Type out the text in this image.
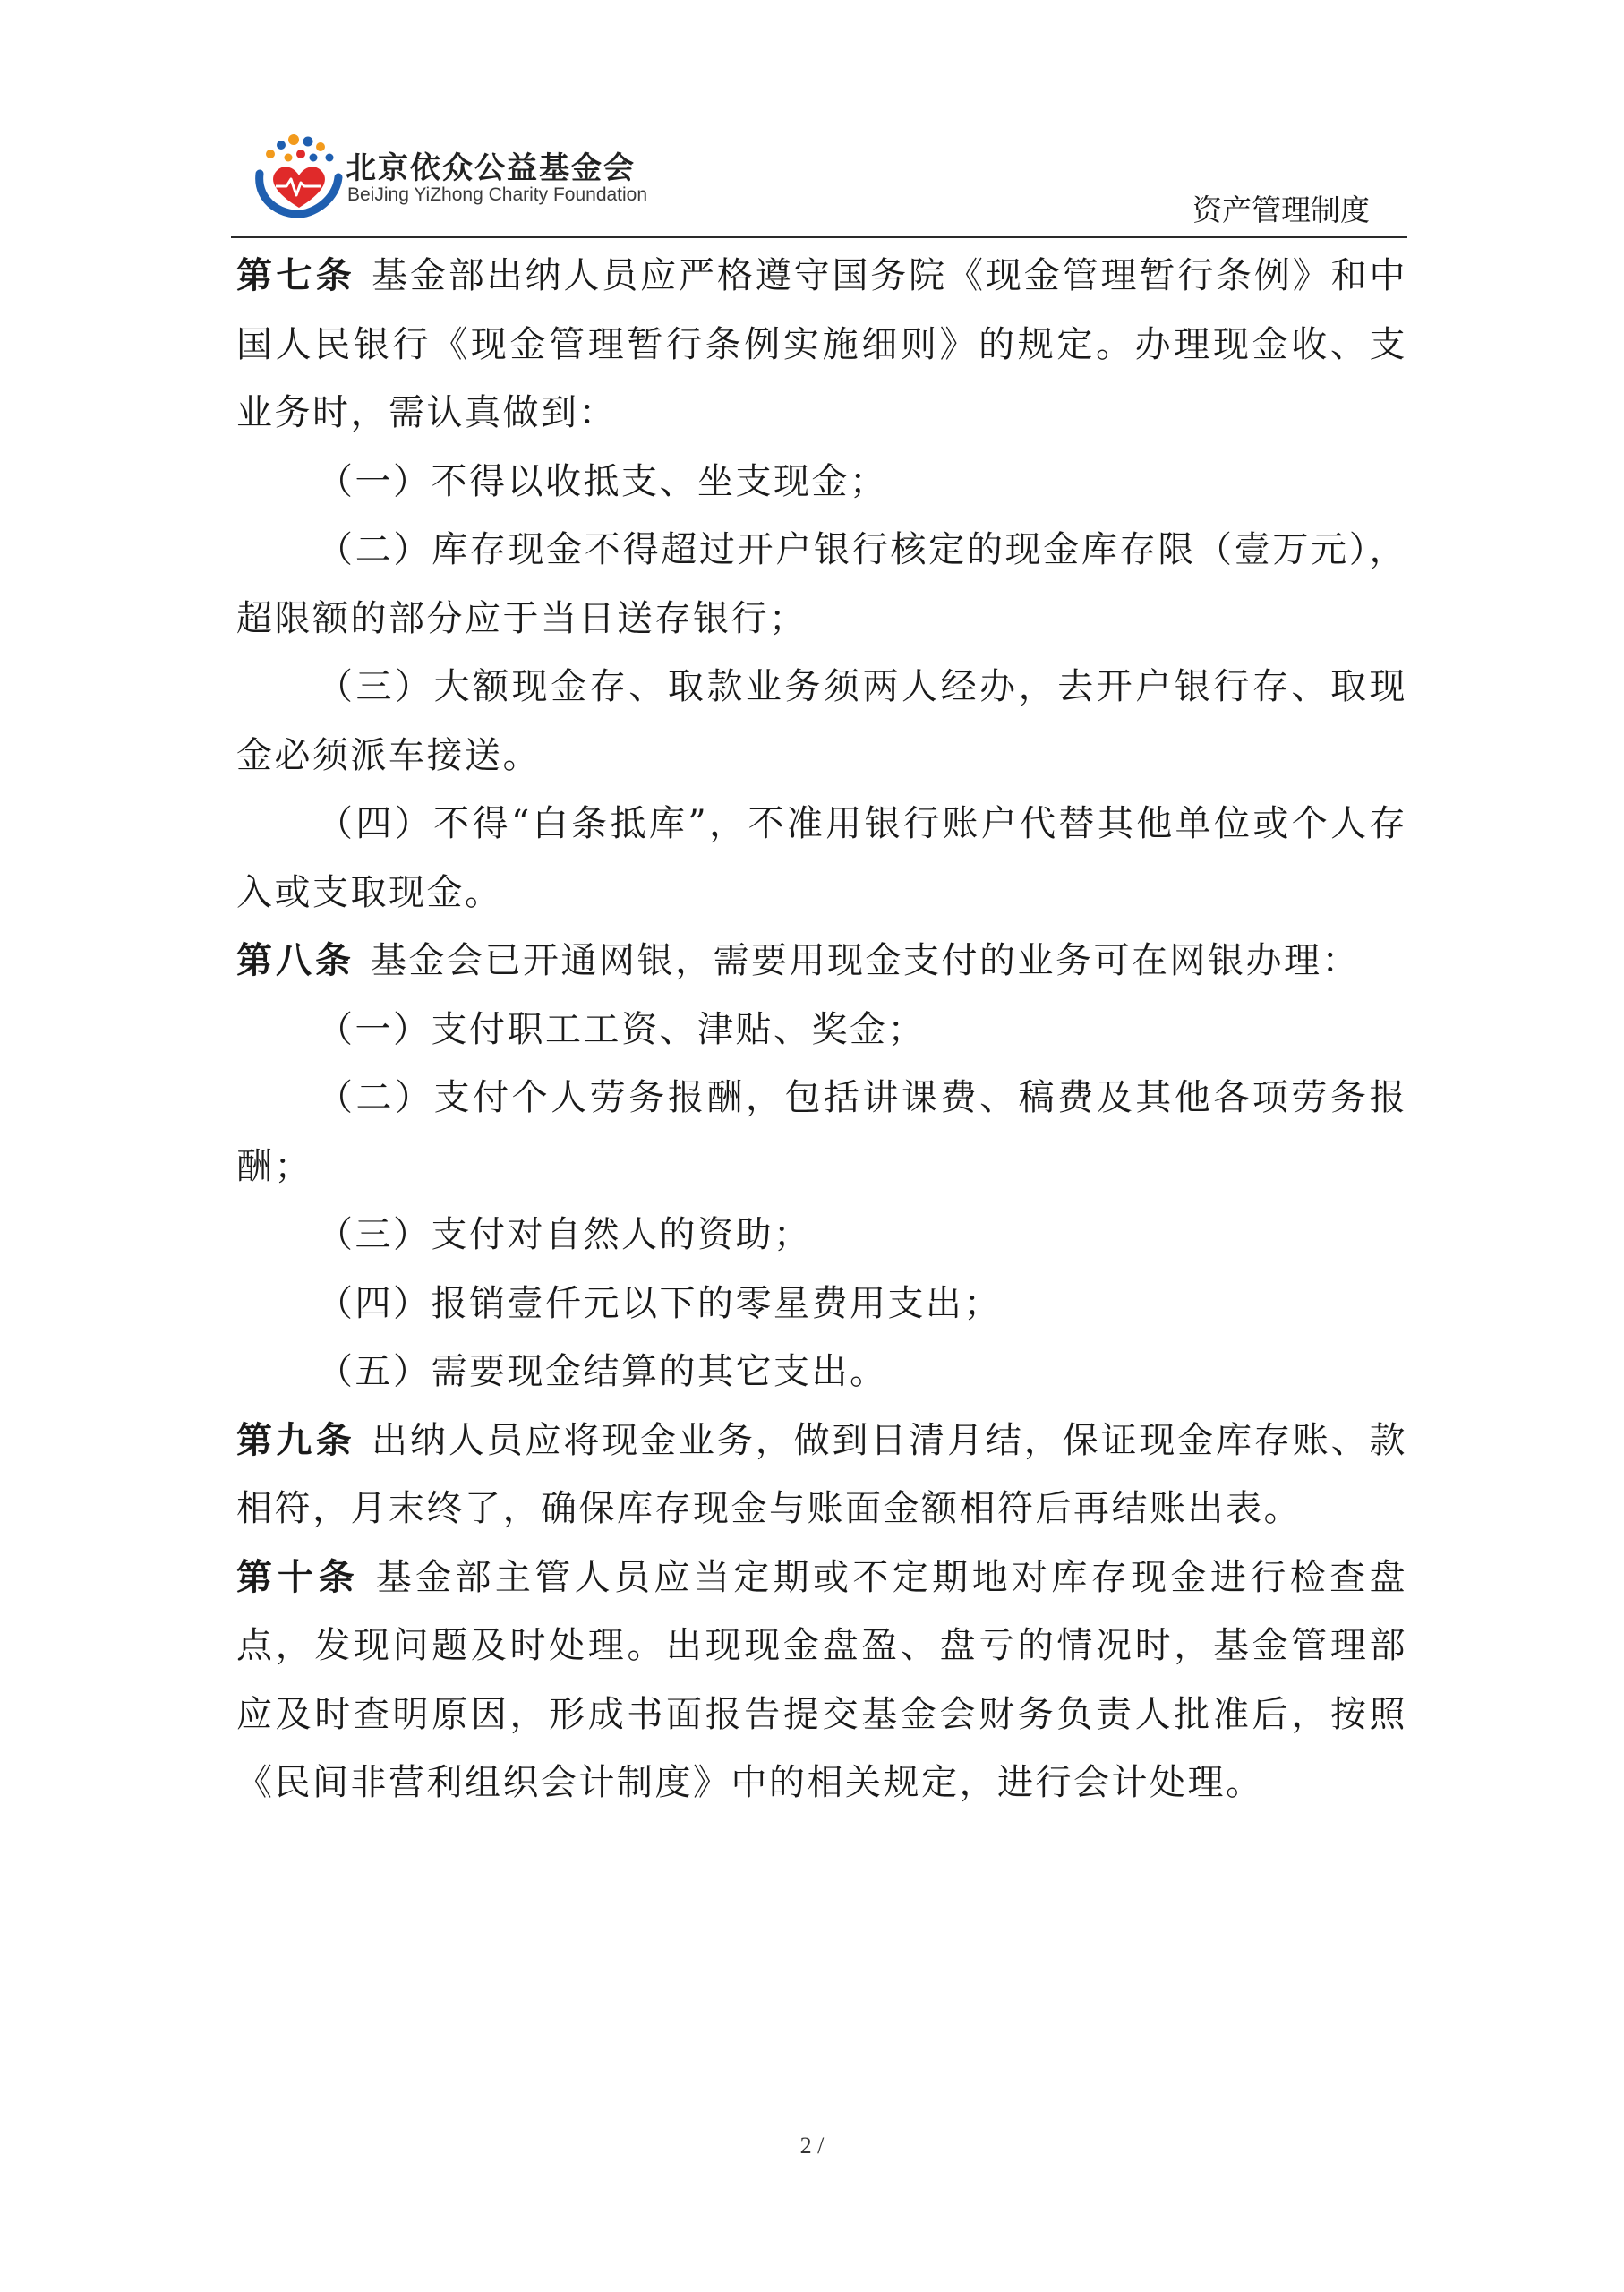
北京依众公益基金会
BeiJing YiZhong Charity Foundation	资产管理制度

第七条 基金部出纳人员应严格遵守国务院《现金管理暂行条例》和中国人民银行《现金管理暂行条例实施细则》的规定。办理现金收、支业务时，需认真做到：

（一）不得以收抵支、坐支现金；

（二）库存现金不得超过开户银行核定的现金库存限（壹万元），超限额的部分应于当日送存银行；

（三）大额现金存、取款业务须两人经办，去开户银行存、取现金必须派车接送。

（四）不得“白条抵库”，不准用银行账户代替其他单位或个人存入或支取现金。

第八条 基金会已开通网银，需要用现金支付的业务可在网银办理：

（一）支付职工工资、津贴、奖金；

（二）支付个人劳务报酬，包括讲课费、稿费及其他各项劳务报酬；

（三）支付对自然人的资助；

（四）报销壹仟元以下的零星费用支出；

（五）需要现金结算的其它支出。

第九条 出纳人员应将现金业务，做到日清月结，保证现金库存账、款相符，月末终了，确保库存现金与账面金额相符后再结账出表。

第十条 基金部主管人员应当定期或不定期地对库存现金进行检查盘点，发现问题及时处理。出现现金盘盈、盘亏的情况时，基金管理部应及时查明原因，形成书面报告提交基金会财务负责人批准后，按照《民间非营利组织会计制度》中的相关规定，进行会计处理。

2 /
